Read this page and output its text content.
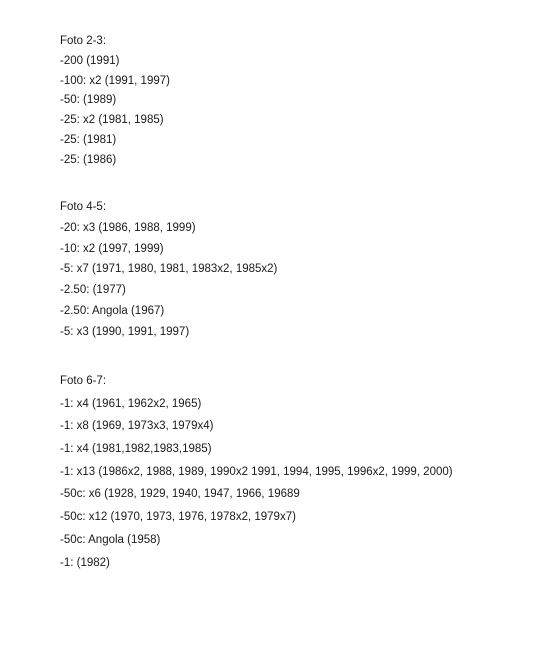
Foto 2-3:

-200 (1991)

-100: x2 (1991, 1997)

-50: (1989)

-25: x2 (1981, 1985)

-25: (1981)

-25: (1986)

Foto 4-5:

-20: x3 (1986, 1988, 1999)

-10: x2 (1997, 1999)

-5: x7 (1971, 1980, 1981, 1983x2, 1985x2)

-2.50: (1977)

-2.50: Angola (1967)

-5: x3 (1990, 1991, 1997)

Foto 6-7:

-1: x4 (1961, 1962x2, 1965)

-1: x8 (1969, 1973x3, 1979x4)

-1: x4 (1981,1982,1983,1985)

-1: x13 (1986x2, 1988, 1989, 1990x2 1991, 1994, 1995, 1996x2, 1999, 2000)

-50c: x6 (1928, 1929, 1940, 1947, 1966, 19689

-50c: x12 (1970, 1973, 1976, 1978x2, 1979x7)

-50c: Angola (1958)

-1: (1982)
